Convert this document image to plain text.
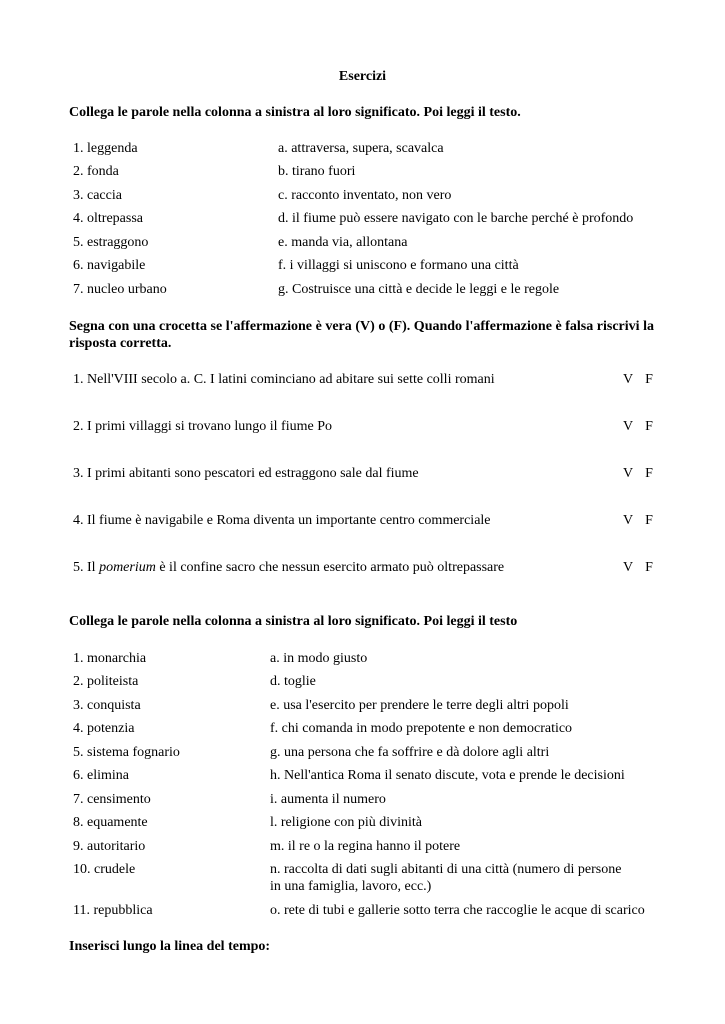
Esercizi
Collega le parole nella colonna a sinistra al loro significato. Poi leggi il testo.
1. leggenda	a. attraversa, supera, scavalca
2. fonda	b. tirano fuori
3. caccia	c. racconto inventato, non vero
4. oltrepassa	d. il fiume può essere navigato con le barche perché è profondo
5. estraggono	e. manda via, allontana
6. navigabile	f. i villaggi si uniscono e formano una città
7. nucleo urbano	g. Costruisce una città e decide le leggi e le regole
Segna con una crocetta se l'affermazione è vera (V) o (F). Quando l'affermazione è falsa riscrivi la risposta corretta.
1. Nell'VIII secolo a. C. I latini cominciano ad abitare sui sette colli romani	V F
2. I primi villaggi si trovano lungo il fiume Po	V F
3. I primi abitanti sono pescatori ed estraggono sale dal fiume	V F
4. Il fiume è navigabile e Roma diventa un importante centro commerciale	V F
5. Il pomerium è il confine sacro che nessun esercito armato può oltrepassare	V F
Collega le parole nella colonna a sinistra al loro significato. Poi leggi il testo
1. monarchia	a. in modo giusto
2. politeista	d. toglie
3. conquista	e. usa l'esercito per prendere le terre degli altri popoli
4. potenzia	f. chi comanda in modo prepotente e non democratico
5. sistema fognario	g. una persona che fa soffrire e dà dolore agli altri
6. elimina	h. Nell'antica Roma il senato discute, vota e prende le decisioni
7. censimento	i. aumenta il numero
8. equamente	l. religione con più divinità
9. autoritario	m. il re o la regina hanno il potere
10. crudele	n. raccolta di dati sugli abitanti di una città (numero di persone
in una famiglia, lavoro, ecc.)
11. repubblica	o. rete di tubi e gallerie sotto terra che raccoglie le acque di scarico
Inserisci lungo la linea del tempo:
